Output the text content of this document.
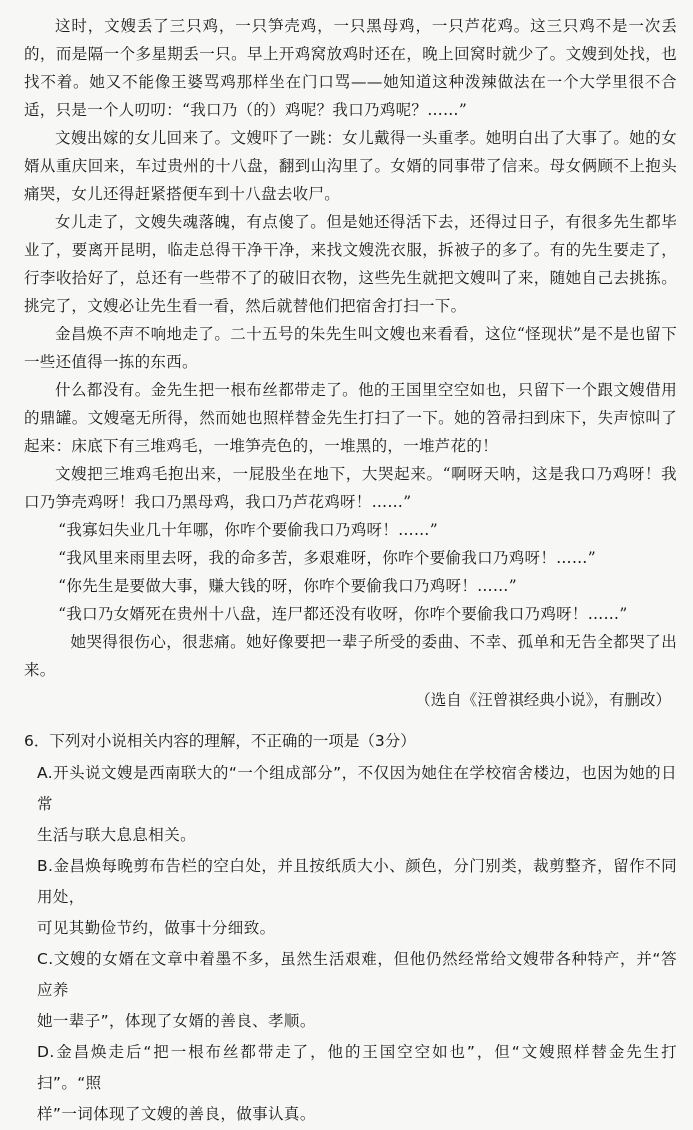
这时，文嫂丢了三只鸡，一只笋壳鸡，一只黑母鸡，一只芦花鸡。这三只鸡不是一次丢的，而是隔一个多星期丢一只。早上开鸡窝放鸡时还在，晚上回窝时就少了。文嫂到处找，也找不着。她又不能像王婆骂鸡那样坐在门口骂——她知道这种泼辣做法在一个大学里很不合适，只是一个人叨叨：“我口乃（的）鸡呢？我口乃鸡呢？……”

文嫂出嫁的女儿回来了。文嫂吓了一跳：女儿戴得一头重孝。她明白出了大事了。她的女婿从重庆回来，车过贵州的十八盘，翻到山沟里了。女婿的同事带了信来。母女俩顾不上抱头痛哭，女儿还得赶紧搭便车到十八盘去收尸。

女儿走了，文嫂失魂落魄，有点傻了。但是她还得活下去，还得过日子，有很多先生都毕业了，要离开昆明，临走总得干净干净，来找文嫂洗衣服，拆被子的多了。有的先生要走了，行李收拾好了，总还有一些带不了的破旧衣物，这些先生就把文嫂叫了来，随她自己去挑拣。挑完了，文嫂必让先生看一看，然后就替他们把宿舍打扫一下。

金昌焕不声不响地走了。二十五号的朱先生叫文嫂也来看看，这位“怪现状”是不是也留下一些还值得一拣的东西。

什么都没有。金先生把一根布丝都带走了。他的王国里空空如也，只留下一个跟文嫂借用的鼎罐。文嫂毫无所得，然而她也照样替金先生打扫了一下。她的笤帚扫到床下，失声惊叫了起来：床底下有三堆鸡毛，一堆笋壳色的，一堆黑的，一堆芦花的！

文嫂把三堆鸡毛抱出来，一屁股坐在地下，大哭起来。“啊呀天呐，这是我口乃鸡呀！我口乃笋壳鸡呀！我口乃黑母鸡，我口乃芦花鸡呀！……”

“我寡妇失业几十年哪，你咋个要偷我口乃鸡呀！……”

“我风里来雨里去呀，我的命多苦，多艰难呀，你咋个要偷我口乃鸡呀！……”

“你先生是要做大事，赚大钱的呀，你咋个要偷我口乃鸡呀！……”

“我口乃女婿死在贵州十八盘，连尸都还没有收呀，你咋个要偷我口乃鸡呀！……”

她哭得很伤心，很悲痛。她好像要把一辈子所受的委曲、不幸、孤单和无告全都哭了出来。

（选自《汪曾祺经典小说》，有删改）
6．下列对小说相关内容的理解，不正确的一项是（3分）
A.开头说文嫂是西南联大的“一个组成部分”，不仅因为她住在学校宿舍楼边，也因为她的日常
生活与联大息息相关。
B.金昌焕每晚剪布告栏的空白处，并且按纸质大小、颜色，分门别类，裁剪整齐，留作不同用处，
可见其勤俭节约，做事十分细致。
C.文嫂的女婿在文章中着墨不多，虽然生活艰难，但他仍然经常给文嫂带各种特产，并“答应养
她一辈子”，体现了女婿的善良、孝顺。
D.金昌焕走后“把一根布丝都带走了，他的王国空空如也”，但“文嫂照样替金先生打扫”。“照
样”一词体现了文嫂的善良，做事认真。
